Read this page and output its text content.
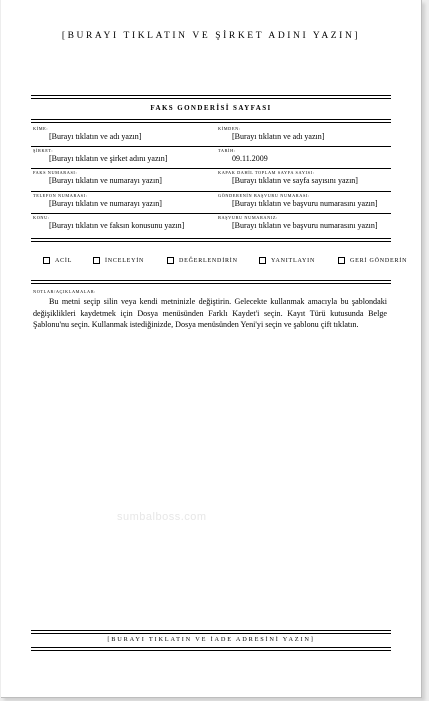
[BURAYI TIKLATIN VE ŞİRKET ADINI YAZIN]
FAKS GONDERİSİ SAYFASI
KİME:
[Burayı tıklatın ve adı yazın]
KİMDEN:
[Burayı tıklatın ve adı yazın]
ŞİRKET:
[Burayı tıklatın ve şirket adını yazın]
TARİH:
09.11.2009
FAKS NUMARASI:
[Burayı tıklatın ve numarayı yazın]
KAPAK DAHİL TOPLAM SAYFA SAYISI:
[Burayı tıklatın ve sayfa sayısını yazın]
TELEFON NUMARASI:
[Burayı tıklatın ve numarayı yazın]
GÖNDERENİN BAŞVURU NUMARASI:
[Burayı tıklatın ve başvuru numarasını yazın]
KONU:
[Burayı tıklatın ve faksın konusunu yazın]
BAŞVURU NUMARANIZ:
[Burayı tıklatın ve başvuru numarasını yazın]
ACİL	İNCELEYİN	DEĞERLENDİRİN	YANITLAYIN	GERİ GÖNDERİN
NOTLAR/AÇIKLAMALAR:
Bu metni seçip silin veya kendi metninizle değiştirin. Gelecekte kullanmak amacıyla bu şablondaki değişiklikleri kaydetmek için Dosya menüsünden Farklı Kaydet'i seçin. Kayıt Türü kutusunda Belge Şablonu'nu seçin. Kullanmak istediğinizde, Dosya menüsünden Yeni'yi seçin ve şablonu çift tıklatın.
sumbalboss.com
[BURAYI TIKLATIN VE İADE ADRESİNİ YAZIN]
